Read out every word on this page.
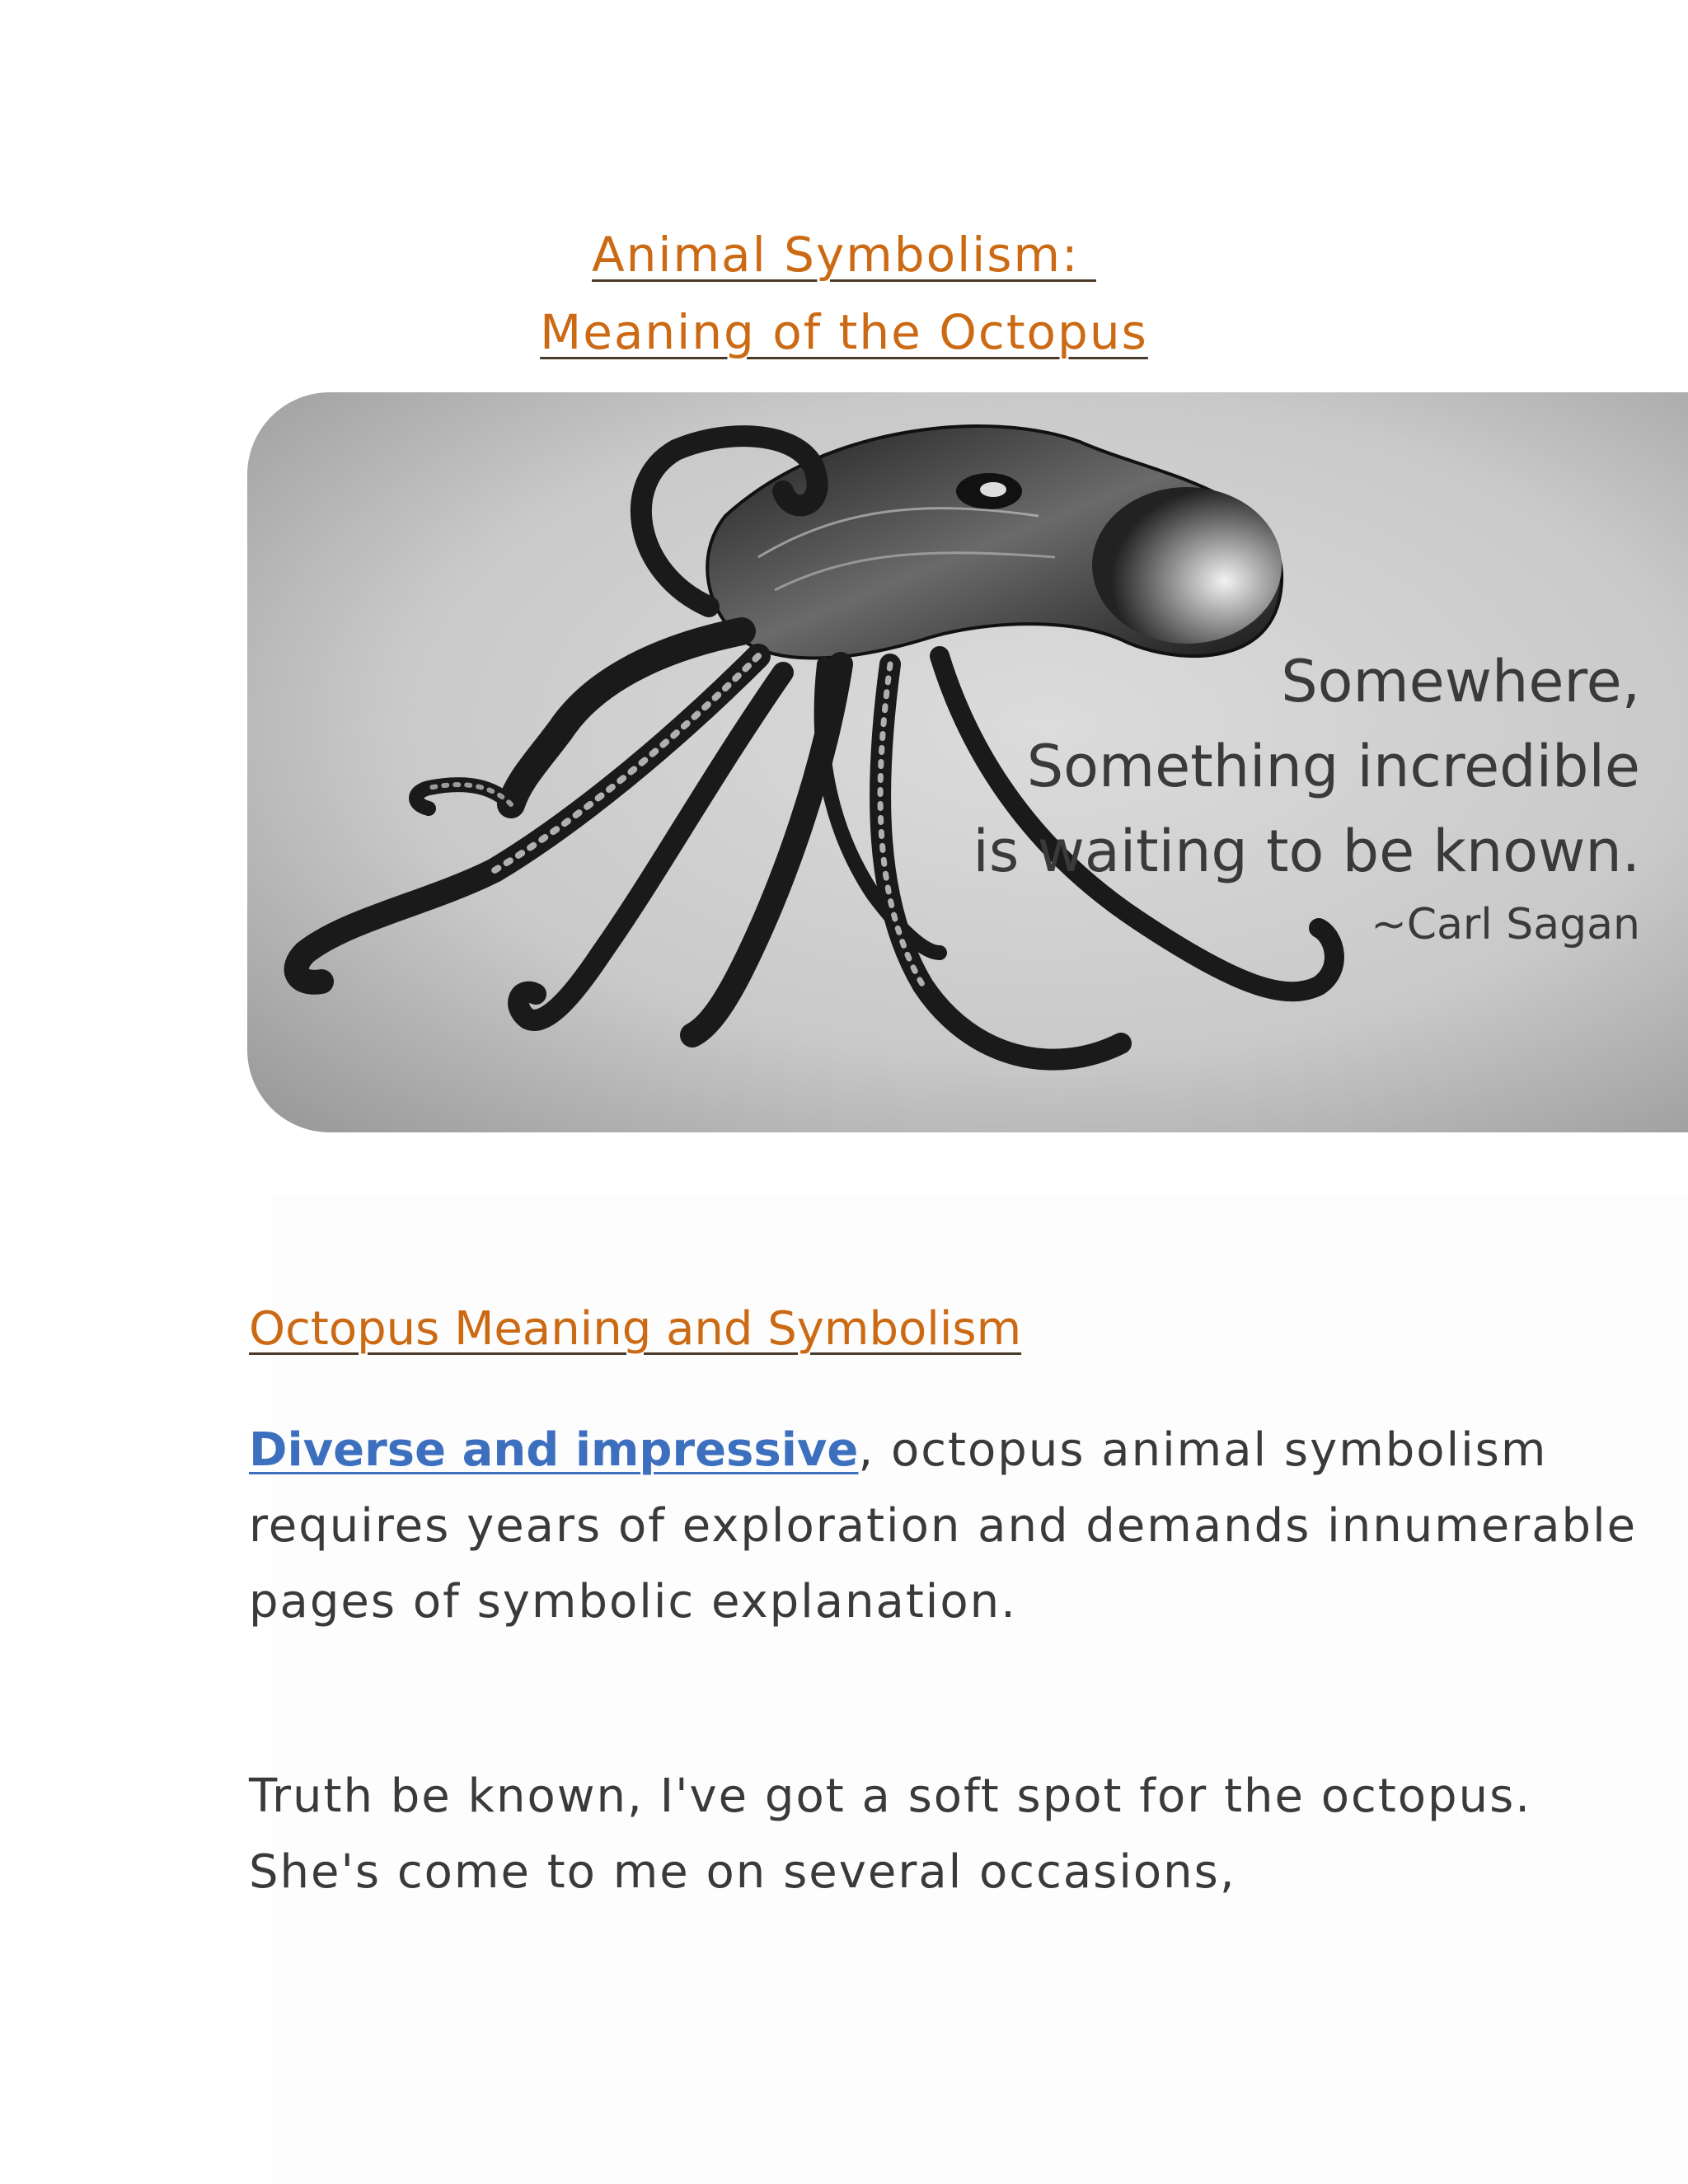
Animal Symbolism:
Meaning of the Octopus
Somewhere,
Something incredible
is waiting to be known.
~Carl Sagan
Octopus Meaning and Symbolism
Diverse and impressive, octopus animal symbolism requires years of exploration and demands innumerable pages of symbolic explanation.
Truth be known, I've got a soft spot for the octopus. She's come to me on several occasions,
